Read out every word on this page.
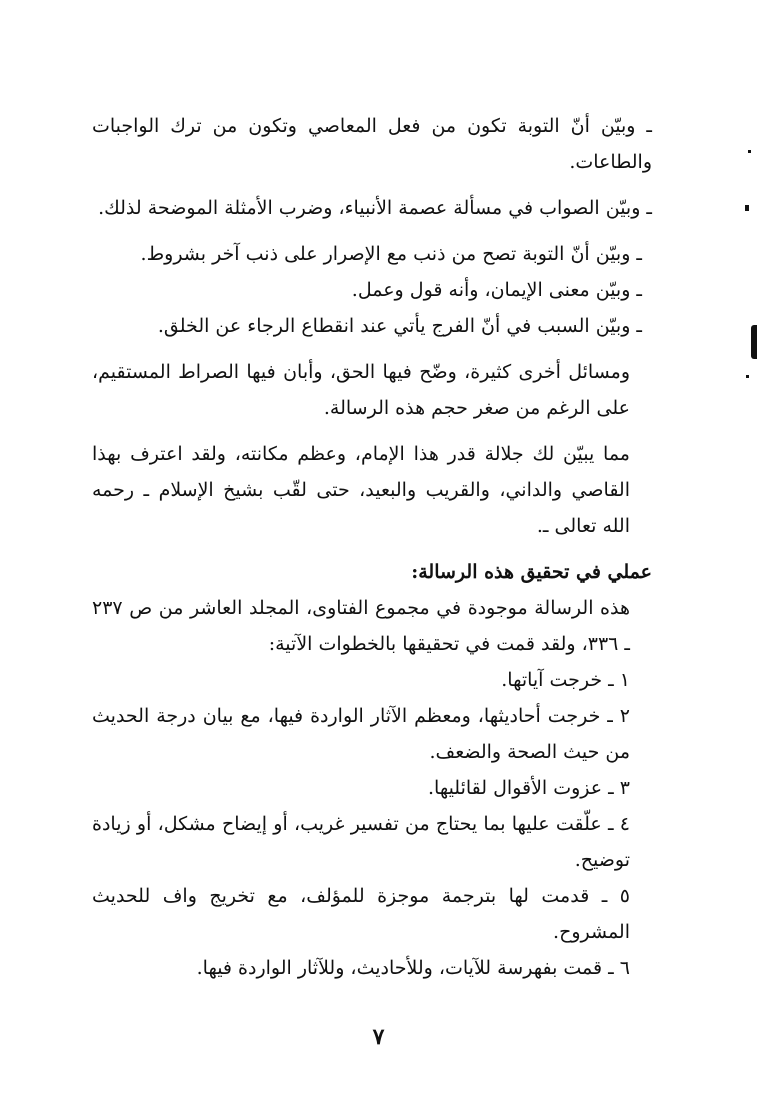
ـ وبيّن أنّ التوبة تكون من فعل المعاصي وتكون من ترك الواجبات والطاعات.

ـ وبيّن الصواب في مسألة عصمة الأنبياء، وضرب الأمثلة الموضحة لذلك.

ـ وبيّن أنّ التوبة تصح من ذنب مع الإصرار على ذنب آخر بشروط.

ـ وبيّن معنى الإيمان، وأنه قول وعمل.

ـ وبيّن السبب في أنّ الفرج يأتي عند انقطاع الرجاء عن الخلق.

ومسائل أخرى كثيرة، وضّح فيها الحق، وأبان فيها الصراط المستقيم، على الرغم من صغر حجم هذه الرسالة.

مما يبيّن لك جلالة قدر هذا الإمام، وعظم مكانته، ولقد اعترف بهذا القاصي والداني، والقريب والبعيد، حتى لقّب بشيخ الإسلام ـ رحمه الله تعالى ـ.

عملي في تحقيق هذه الرسالة:

هذه الرسالة موجودة في مجموع الفتاوى، المجلد العاشر من ص ٢٣٧ ـ ٣٣٦، ولقد قمت في تحقيقها بالخطوات الآتية:

١ ـ خرجت آياتها.

٢ ـ خرجت أحاديثها، ومعظم الآثار الواردة فيها، مع بيان درجة الحديث من حيث الصحة والضعف.

٣ ـ عزوت الأقوال لقائليها.

٤ ـ علّقت عليها بما يحتاج من تفسير غريب، أو إيضاح مشكل، أو زيادة توضيح.

٥ ـ قدمت لها بترجمة موجزة للمؤلف، مع تخريج واف للحديث المشروح.

٦ ـ قمت بفهرسة للآيات، وللأحاديث، وللآثار الواردة فيها.

٧
